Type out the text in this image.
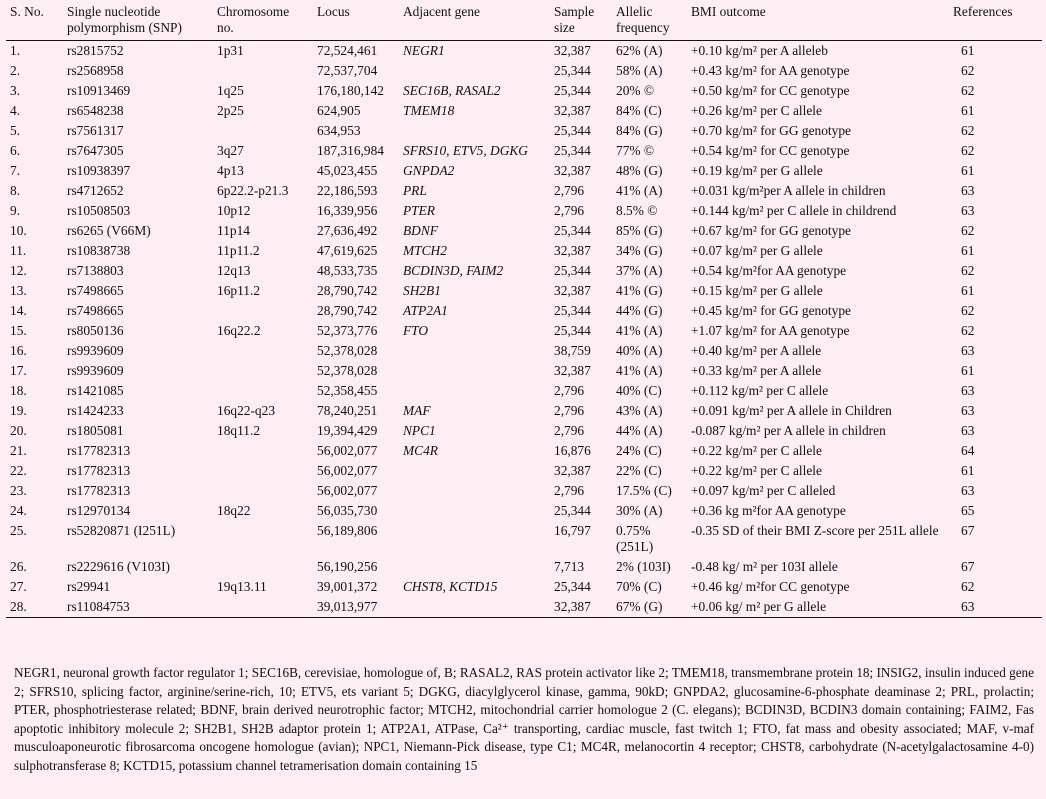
S. No.	Single nucleotide polymorphism (SNP)	Chromosome no.	Locus	Adjacent gene	Sample size	Allelic frequency	BMI outcome	References
1.	rs2815752	1p31	72,524,461	NEGR1	32,387	62% (A)	+0.10 kg/m² per A alleleb	61
2.	rs2568958		72,537,704		25,344	58% (A)	+0.43 kg/m² for AA genotype	62
3.	rs10913469	1q25	176,180,142	SEC16B, RASAL2	25,344	20% ©	+0.50 kg/m² for CC genotype	62
4.	rs6548238	2p25	624,905	TMEM18	32,387	84% (C)	+0.26 kg/m² per C allele	61
5.	rs7561317		634,953		25,344	84% (G)	+0.70 kg/m² for GG genotype	62
6.	rs7647305	3q27	187,316,984	SFRS10, ETV5, DGKG	25,344	77% ©	+0.54 kg/m² for CC genotype	62
7.	rs10938397	4p13	45,023,455	GNPDA2	32,387	48% (G)	+0.19 kg/m² per G allele	61
8.	rs4712652	6p22.2-p21.3	22,186,593	PRL	2,796	41% (A)	+0.031 kg/m²per A allele in children	63
9.	rs10508503	10p12	16,339,956	PTER	2,796	8.5% ©	+0.144 kg/m² per C allele in childrend	63
10.	rs6265 (V66M)	11p14	27,636,492	BDNF	25,344	85% (G)	+0.67 kg/m² for GG genotype	62
11.	rs10838738	11p11.2	47,619,625	MTCH2	32,387	34% (G)	+0.07 kg/m² per G allele	61
12.	rs7138803	12q13	48,533,735	BCDIN3D, FAIM2	25,344	37% (A)	+0.54 kg/m²for AA genotype	62
13.	rs7498665	16p11.2	28,790,742	SH2B1	32,387	41% (G)	+0.15 kg/m² per G allele	61
14.	rs7498665		28,790,742	ATP2A1	25,344	44% (G)	+0.45 kg/m² for GG genotype	62
15.	rs8050136	16q22.2	52,373,776	FTO	25,344	41% (A)	+1.07 kg/m² for AA genotype	62
16.	rs9939609		52,378,028		38,759	40% (A)	+0.40 kg/m² per A allele	63
17.	rs9939609		52,378,028		32,387	41% (A)	+0.33 kg/m² per A allele	61
18.	rs1421085		52,358,455		2,796	40% (C)	+0.112 kg/m² per C allele	63
19.	rs1424233	16q22-q23	78,240,251	MAF	2,796	43% (A)	+0.091 kg/m² per A allele in Children	63
20.	rs1805081	18q11.2	19,394,429	NPC1	2,796	44% (A)	-0.087 kg/m² per A allele in children	63
21.	rs17782313		56,002,077	MC4R	16,876	24% (C)	+0.22 kg/m² per C allele	64
22.	rs17782313		56,002,077		32,387	22% (C)	+0.22 kg/m² per C allele	61
23.	rs17782313		56,002,077		2,796	17.5% (C)	+0.097 kg/m² per C alleled	63
24.	rs12970134	18q22	56,035,730		25,344	30% (A)	+0.36 kg m²for AA genotype	65
25.	rs52820871 (I251L)		56,189,806		16,797	0.75% (251L)	-0.35 SD of their BMI Z-score per 251L allele	67
26.	rs2229616 (V103I)		56,190,256		7,713	2% (103I)	-0.48 kg/ m² per 103I allele	67
27.	rs29941	19q13.11	39,001,372	CHST8, KCTD15	25,344	70% (C)	+0.46 kg/ m²for CC genotype	62
28.	rs11084753		39,013,977		32,387	67% (G)	+0.06 kg/ m² per G allele	63
NEGR1, neuronal growth factor regulator 1; SEC16B, cerevisiae, homologue of, B; RASAL2, RAS protein activator like 2; TMEM18, transmembrane protein 18; INSIG2, insulin induced gene 2; SFRS10, splicing factor, arginine/serine-rich, 10; ETV5, ets variant 5; DGKG, diacylglycerol kinase, gamma, 90kD; GNPDA2, glucosamine-6-phosphate deaminase 2; PRL, prolactin; PTER, phosphotriesterase related; BDNF, brain derived neurotrophic factor; MTCH2, mitochondrial carrier homologue 2 (C. elegans); BCDIN3D, BCDIN3 domain containing; FAIM2, Fas apoptotic inhibitory molecule 2; SH2B1, SH2B adaptor protein 1; ATP2A1, ATPase, Ca²⁺ transporting, cardiac muscle, fast twitch 1; FTO, fat mass and obesity associated; MAF, v-maf musculoaponeurotic fibrosarcoma oncogene homologue (avian); NPC1, Niemann-Pick disease, type C1; MC4R, melanocortin 4 receptor; CHST8, carbohydrate (N-acetylgalactosamine 4-0) sulphotransferase 8; KCTD15, potassium channel tetramerisation domain containing 15
